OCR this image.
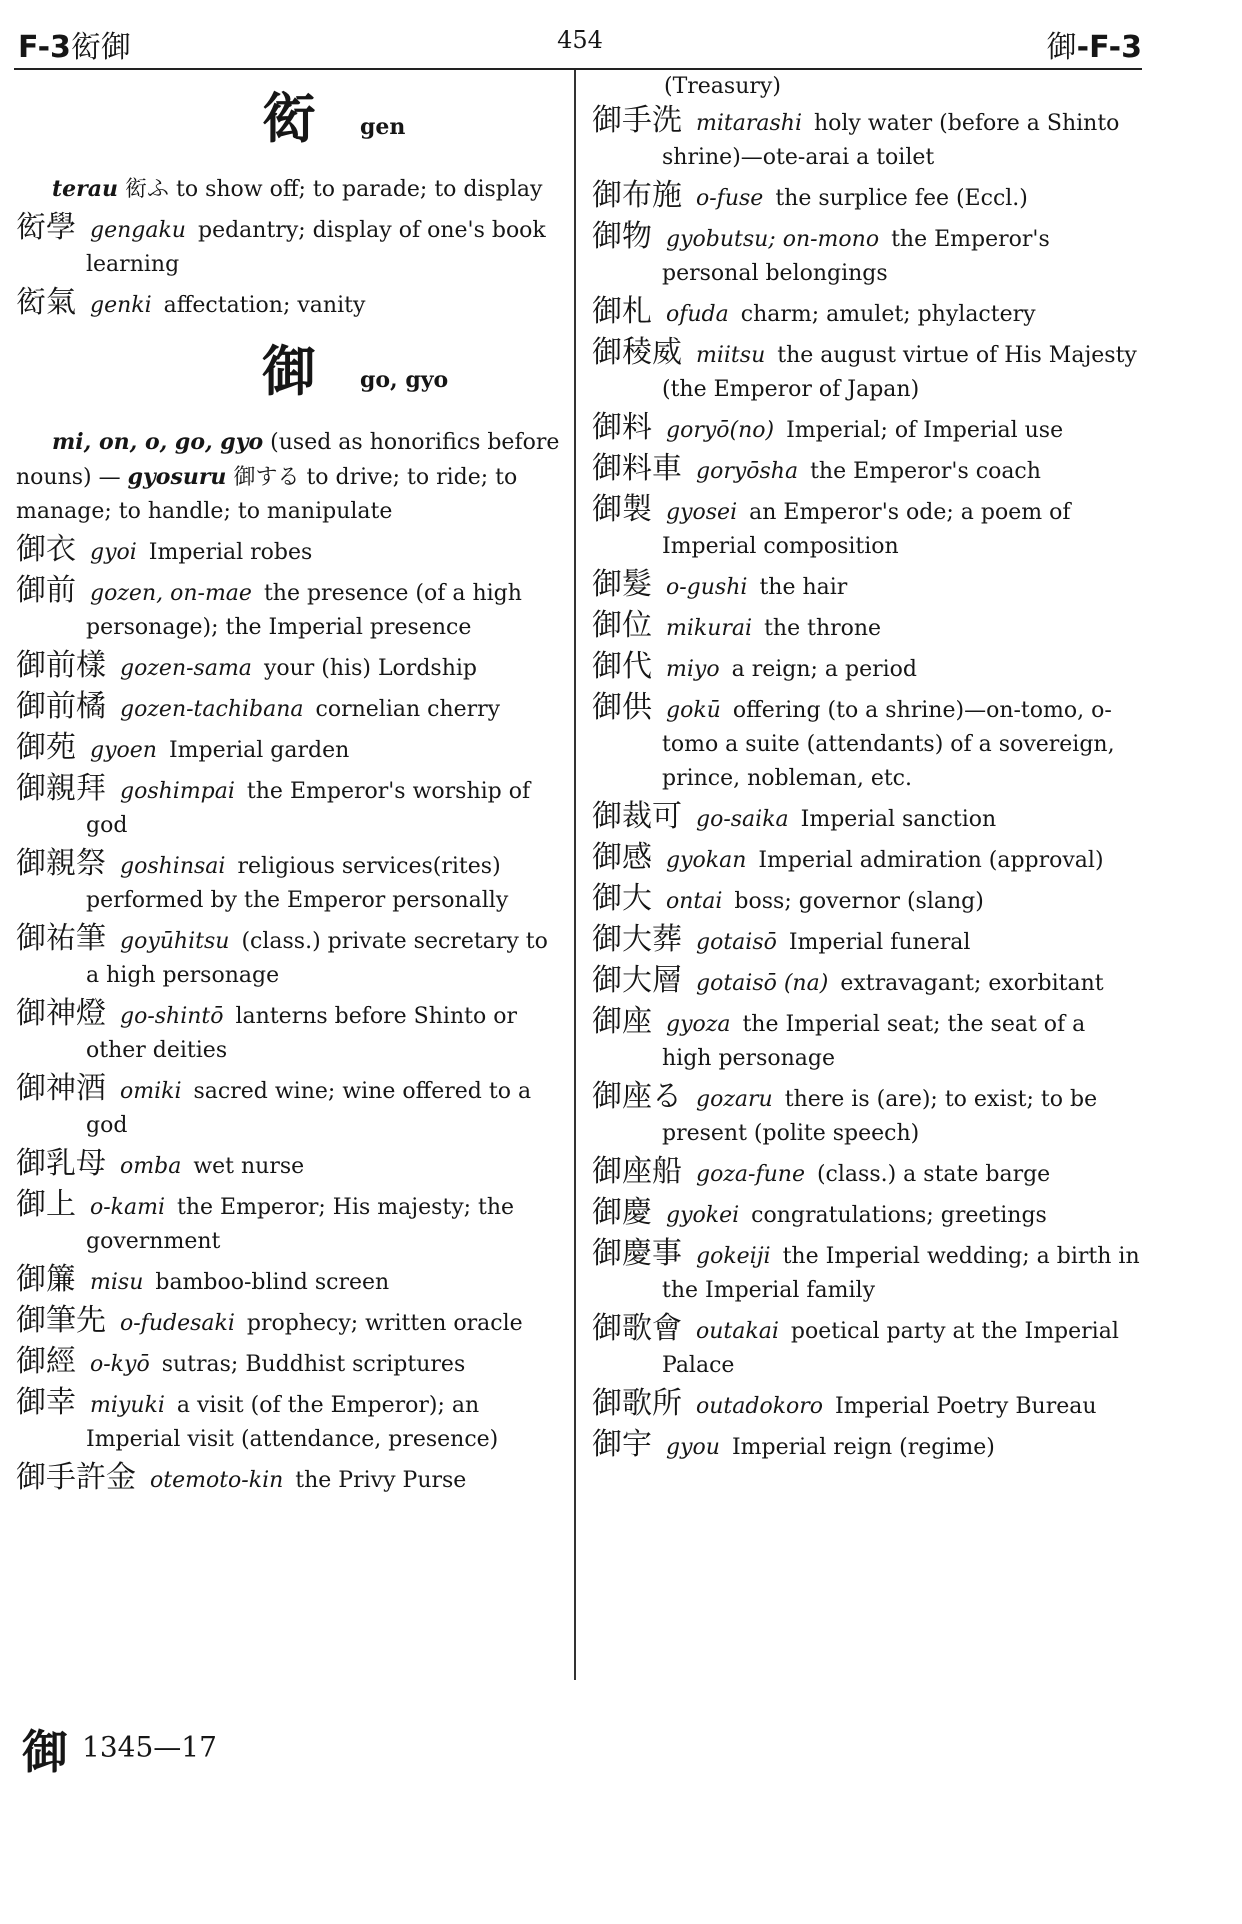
F-3衒御	454	御-F-3
衒 gen
terau 衒ふ to show off; to parade; to display
衒學 gengaku pedantry; display of one's book learning
衒氣 genki affectation; vanity
御 go, gyo
mi, on, o, go, gyo (used as honorifics before nouns) — gyosuru 御する to drive; to ride; to manage; to handle; to manipulate
御衣 gyoi Imperial robes
御前 gozen, on-mae the presence (of a high personage); the Imperial presence
御前樣 gozen-sama your (his) Lordship
御前橘 gozen-tachibana cornelian cherry
御苑 gyoen Imperial garden
御親拜 goshimpai the Emperor's worship of god
御親祭 goshinsai religious services(rites) performed by the Emperor personally
御祐筆 goyūhitsu (class.) private secretary to a high personage
御神燈 go-shintō lanterns before Shinto or other deities
御神酒 omiki sacred wine; wine offered to a god
御乳母 omba wet nurse
御上 o-kami the Emperor; His majesty; the government
御簾 misu bamboo-blind screen
御筆先 o-fudesaki prophecy; written oracle
御經 o-kyō sutras; Buddhist scriptures
御幸 miyuki a visit (of the Emperor); an Imperial visit (attendance, presence)
御手許金 otemoto-kin the Privy Purse
(Treasury)
御手洗 mitarashi holy water (before a Shinto shrine)—ote-arai a toilet
御布施 o-fuse the surplice fee (Eccl.)
御物 gyobutsu; on-mono the Emperor's personal belongings
御札 ofuda charm; amulet; phylactery
御稜威 miitsu the august virtue of His Majesty (the Emperor of Japan)
御料 goryō(no) Imperial; of Imperial use
御料車 goryōsha the Emperor's coach
御製 gyosei an Emperor's ode; a poem of Imperial composition
御髮 o-gushi the hair
御位 mikurai the throne
御代 miyo a reign; a period
御供 gokū offering (to a shrine)—on-tomo, o-tomo a suite (attendants) of a sovereign, prince, nobleman, etc.
御裁可 go-saika Imperial sanction
御感 gyokan Imperial admiration (approval)
御大 ontai boss; governor (slang)
御大葬 gotaisō Imperial funeral
御大層 gotaisō (na) extravagant; exorbitant
御座 gyoza the Imperial seat; the seat of a high personage
御座る gozaru there is (are); to exist; to be present (polite speech)
御座船 goza-fune (class.) a state barge
御慶 gyokei congratulations; greetings
御慶事 gokeiji the Imperial wedding; a birth in the Imperial family
御歌會 outakai poetical party at the Imperial Palace
御歌所 outadokoro Imperial Poetry Bureau
御宇 gyou Imperial reign (regime)
御 1345—17
